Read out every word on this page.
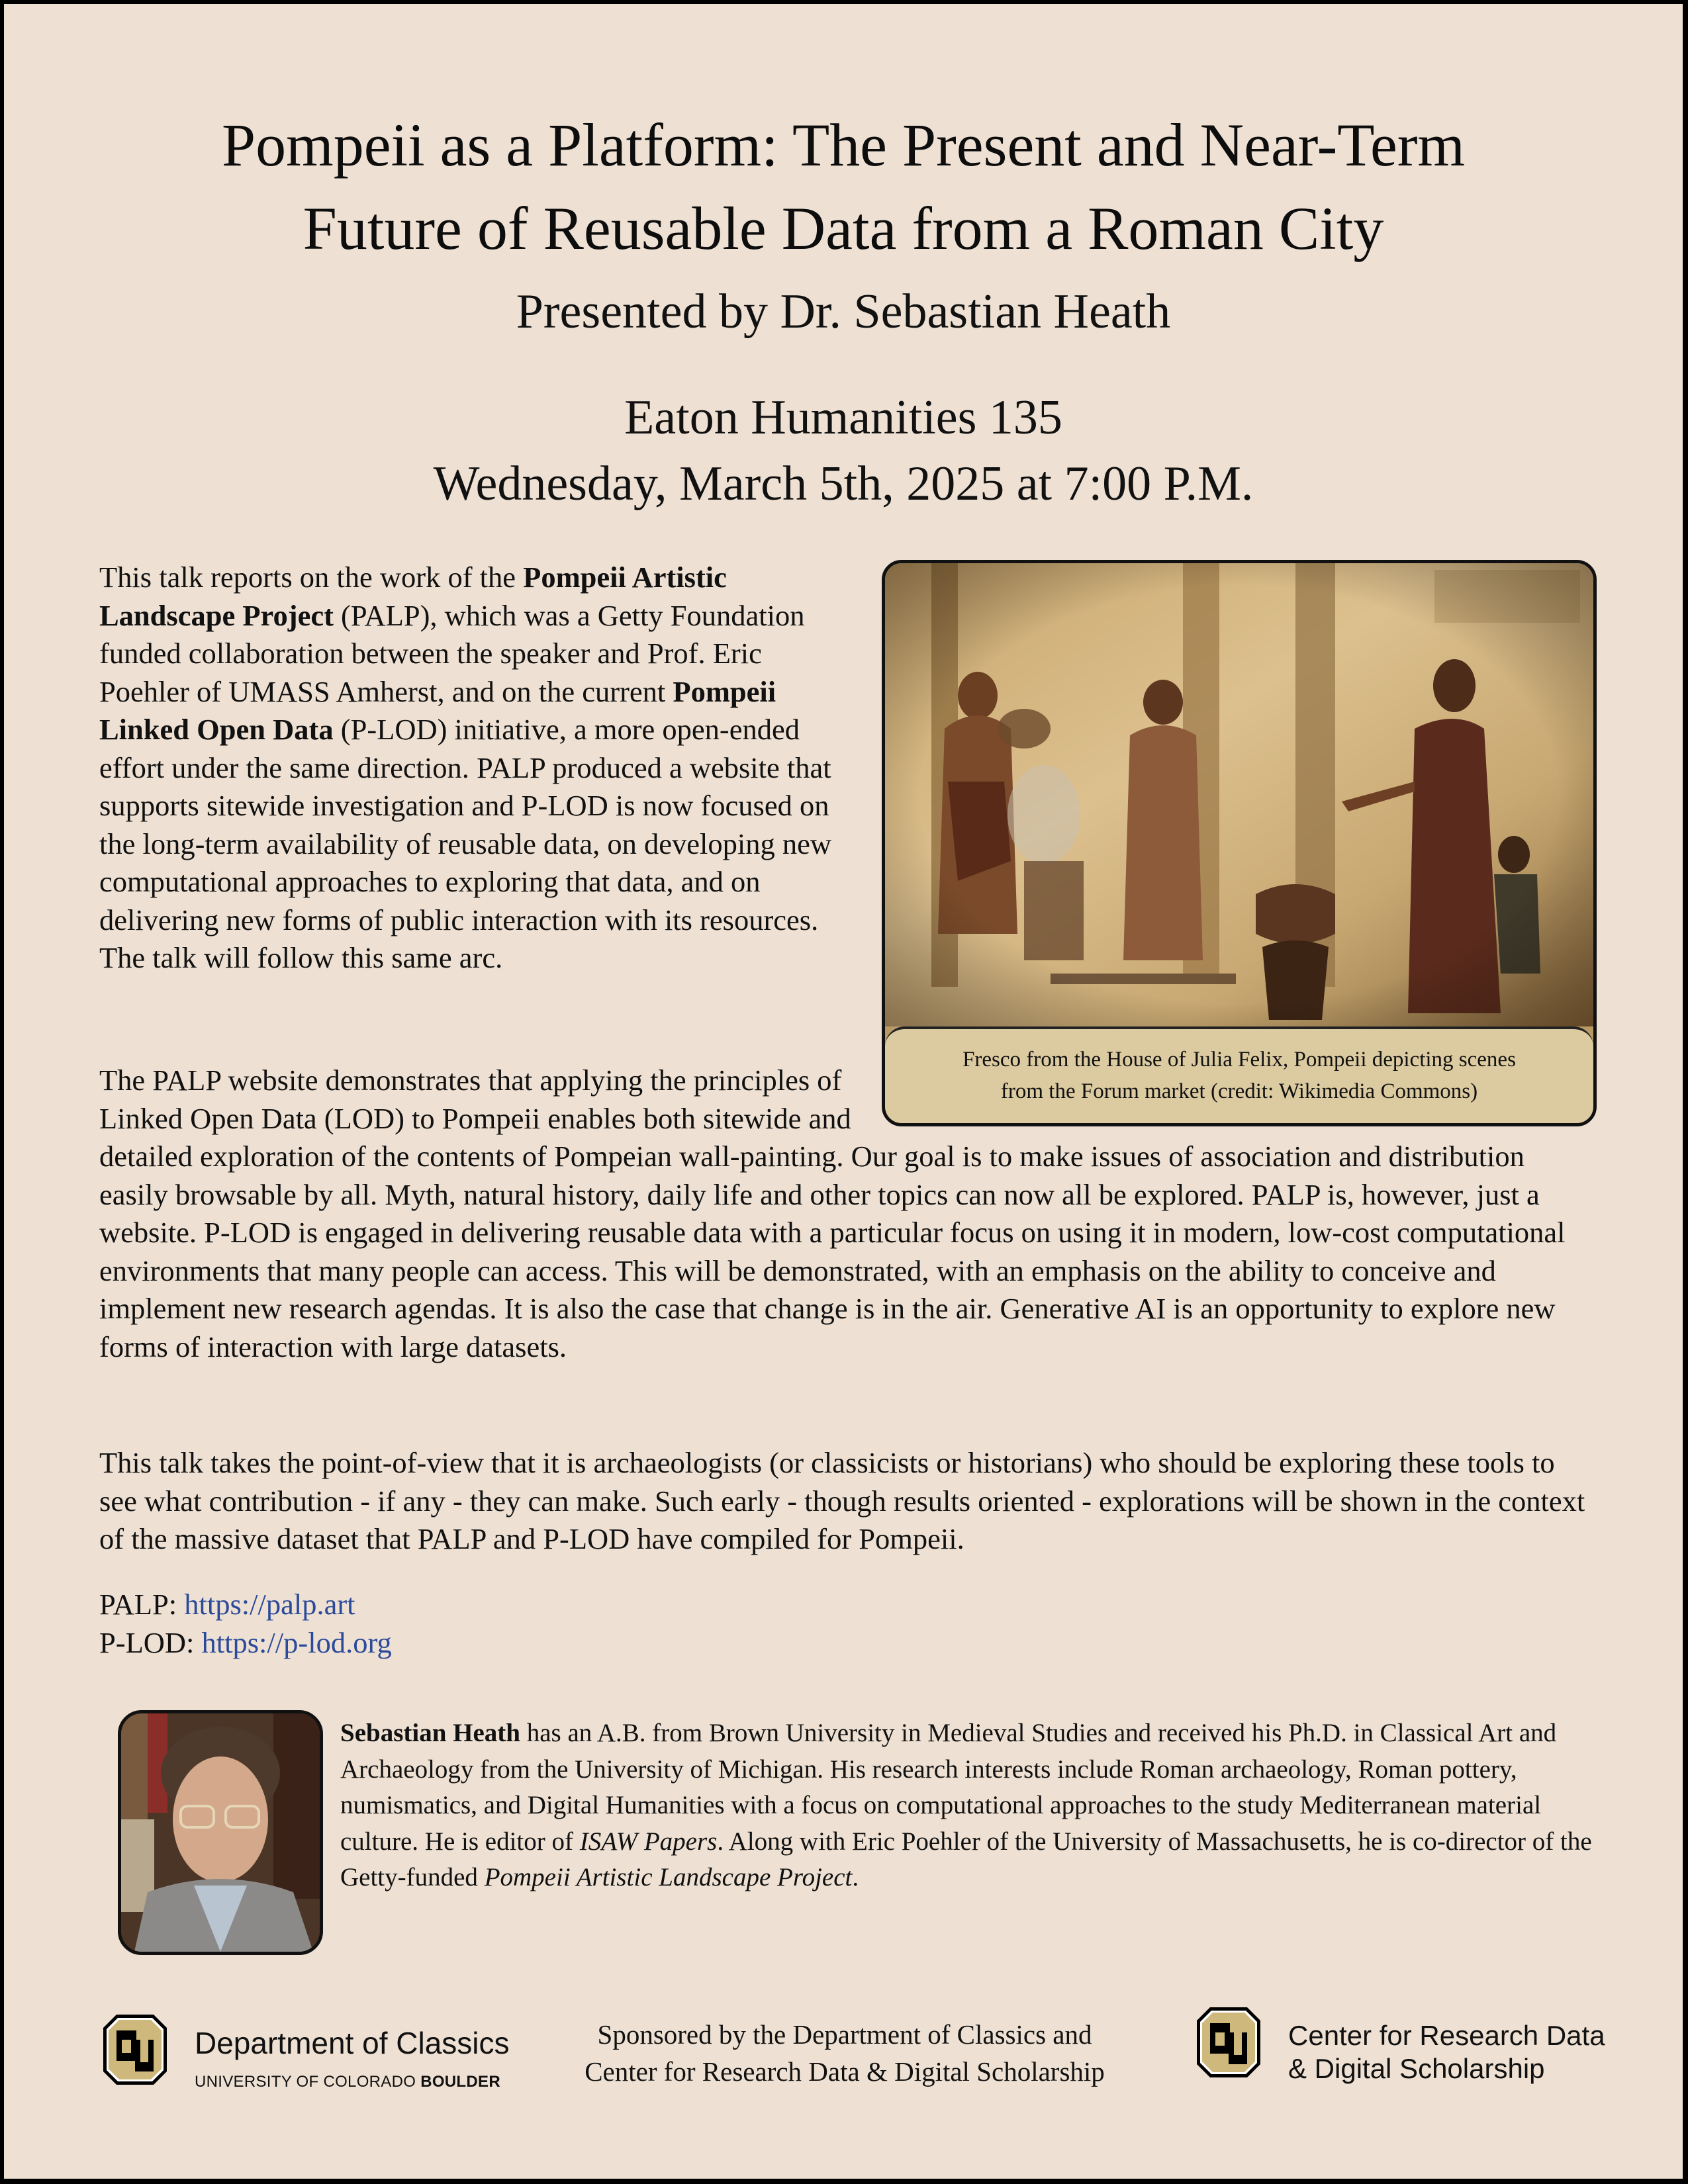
Pompeii as a Platform: The Present and Near-Term
Future of Reusable Data from a Roman City
Presented by Dr. Sebastian Heath
Eaton Humanities 135
Wednesday, March 5th, 2025 at 7:00 P.M.
This talk reports on the work of the Pompeii Artistic Landscape Project (PALP), which was a Getty Foundation funded collaboration between the speaker and Prof. Eric Poehler of UMASS Amherst, and on the current Pompeii Linked Open Data (P-LOD) initiative, a more open-ended effort under the same direction. PALP produced a website that supports sitewide investigation and P-LOD is now focused on the long-term availability of reusable data, on developing new computational approaches to exploring that data, and on delivering new forms of public interaction with its resources. The talk will follow this same arc.
Fresco from the House of Julia Felix, Pompeii depicting scenes
from the Forum market (credit: Wikimedia Commons)
The PALP website demonstrates that applying the principles of Linked Open Data (LOD) to Pompeii enables both sitewide and detailed exploration of the contents of Pompeian wall-painting. Our goal is to make issues of association and distribution easily browsable by all. Myth, natural history, daily life and other topics can now all be explored. PALP is, however, just a website. P-LOD is engaged in delivering reusable data with a particular focus on using it in modern, low-cost computational environments that many people can access. This will be demonstrated, with an emphasis on the ability to conceive and implement new research agendas. It is also the case that change is in the air. Generative AI is an opportunity to explore new forms of interaction with large datasets.
This talk takes the point-of-view that it is archaeologists (or classicists or historians) who should be exploring these tools to see what contribution - if any - they can make. Such early - though results oriented - explorations will be shown in the context of the massive dataset that PALP and P-LOD have compiled for Pompeii.
PALP: https://palp.art
P-LOD: https://p-lod.org
Sebastian Heath has an A.B. from Brown University in Medieval Studies and received his Ph.D. in Classical Art and Archaeology from the University of Michigan. His research interests include Roman archaeology, Roman pottery, numismatics, and Digital Humanities with a focus on computational approaches to the study Mediterranean material culture. He is editor of ISAW Papers. Along with Eric Poehler of the University of Massachusetts, he is co-director of the Getty-funded Pompeii Artistic Landscape Project.
Department of Classics
UNIVERSITY OF COLORADO BOULDER
Sponsored by the Department of Classics and
Center for Research Data & Digital Scholarship
Center for Research Data
& Digital Scholarship
